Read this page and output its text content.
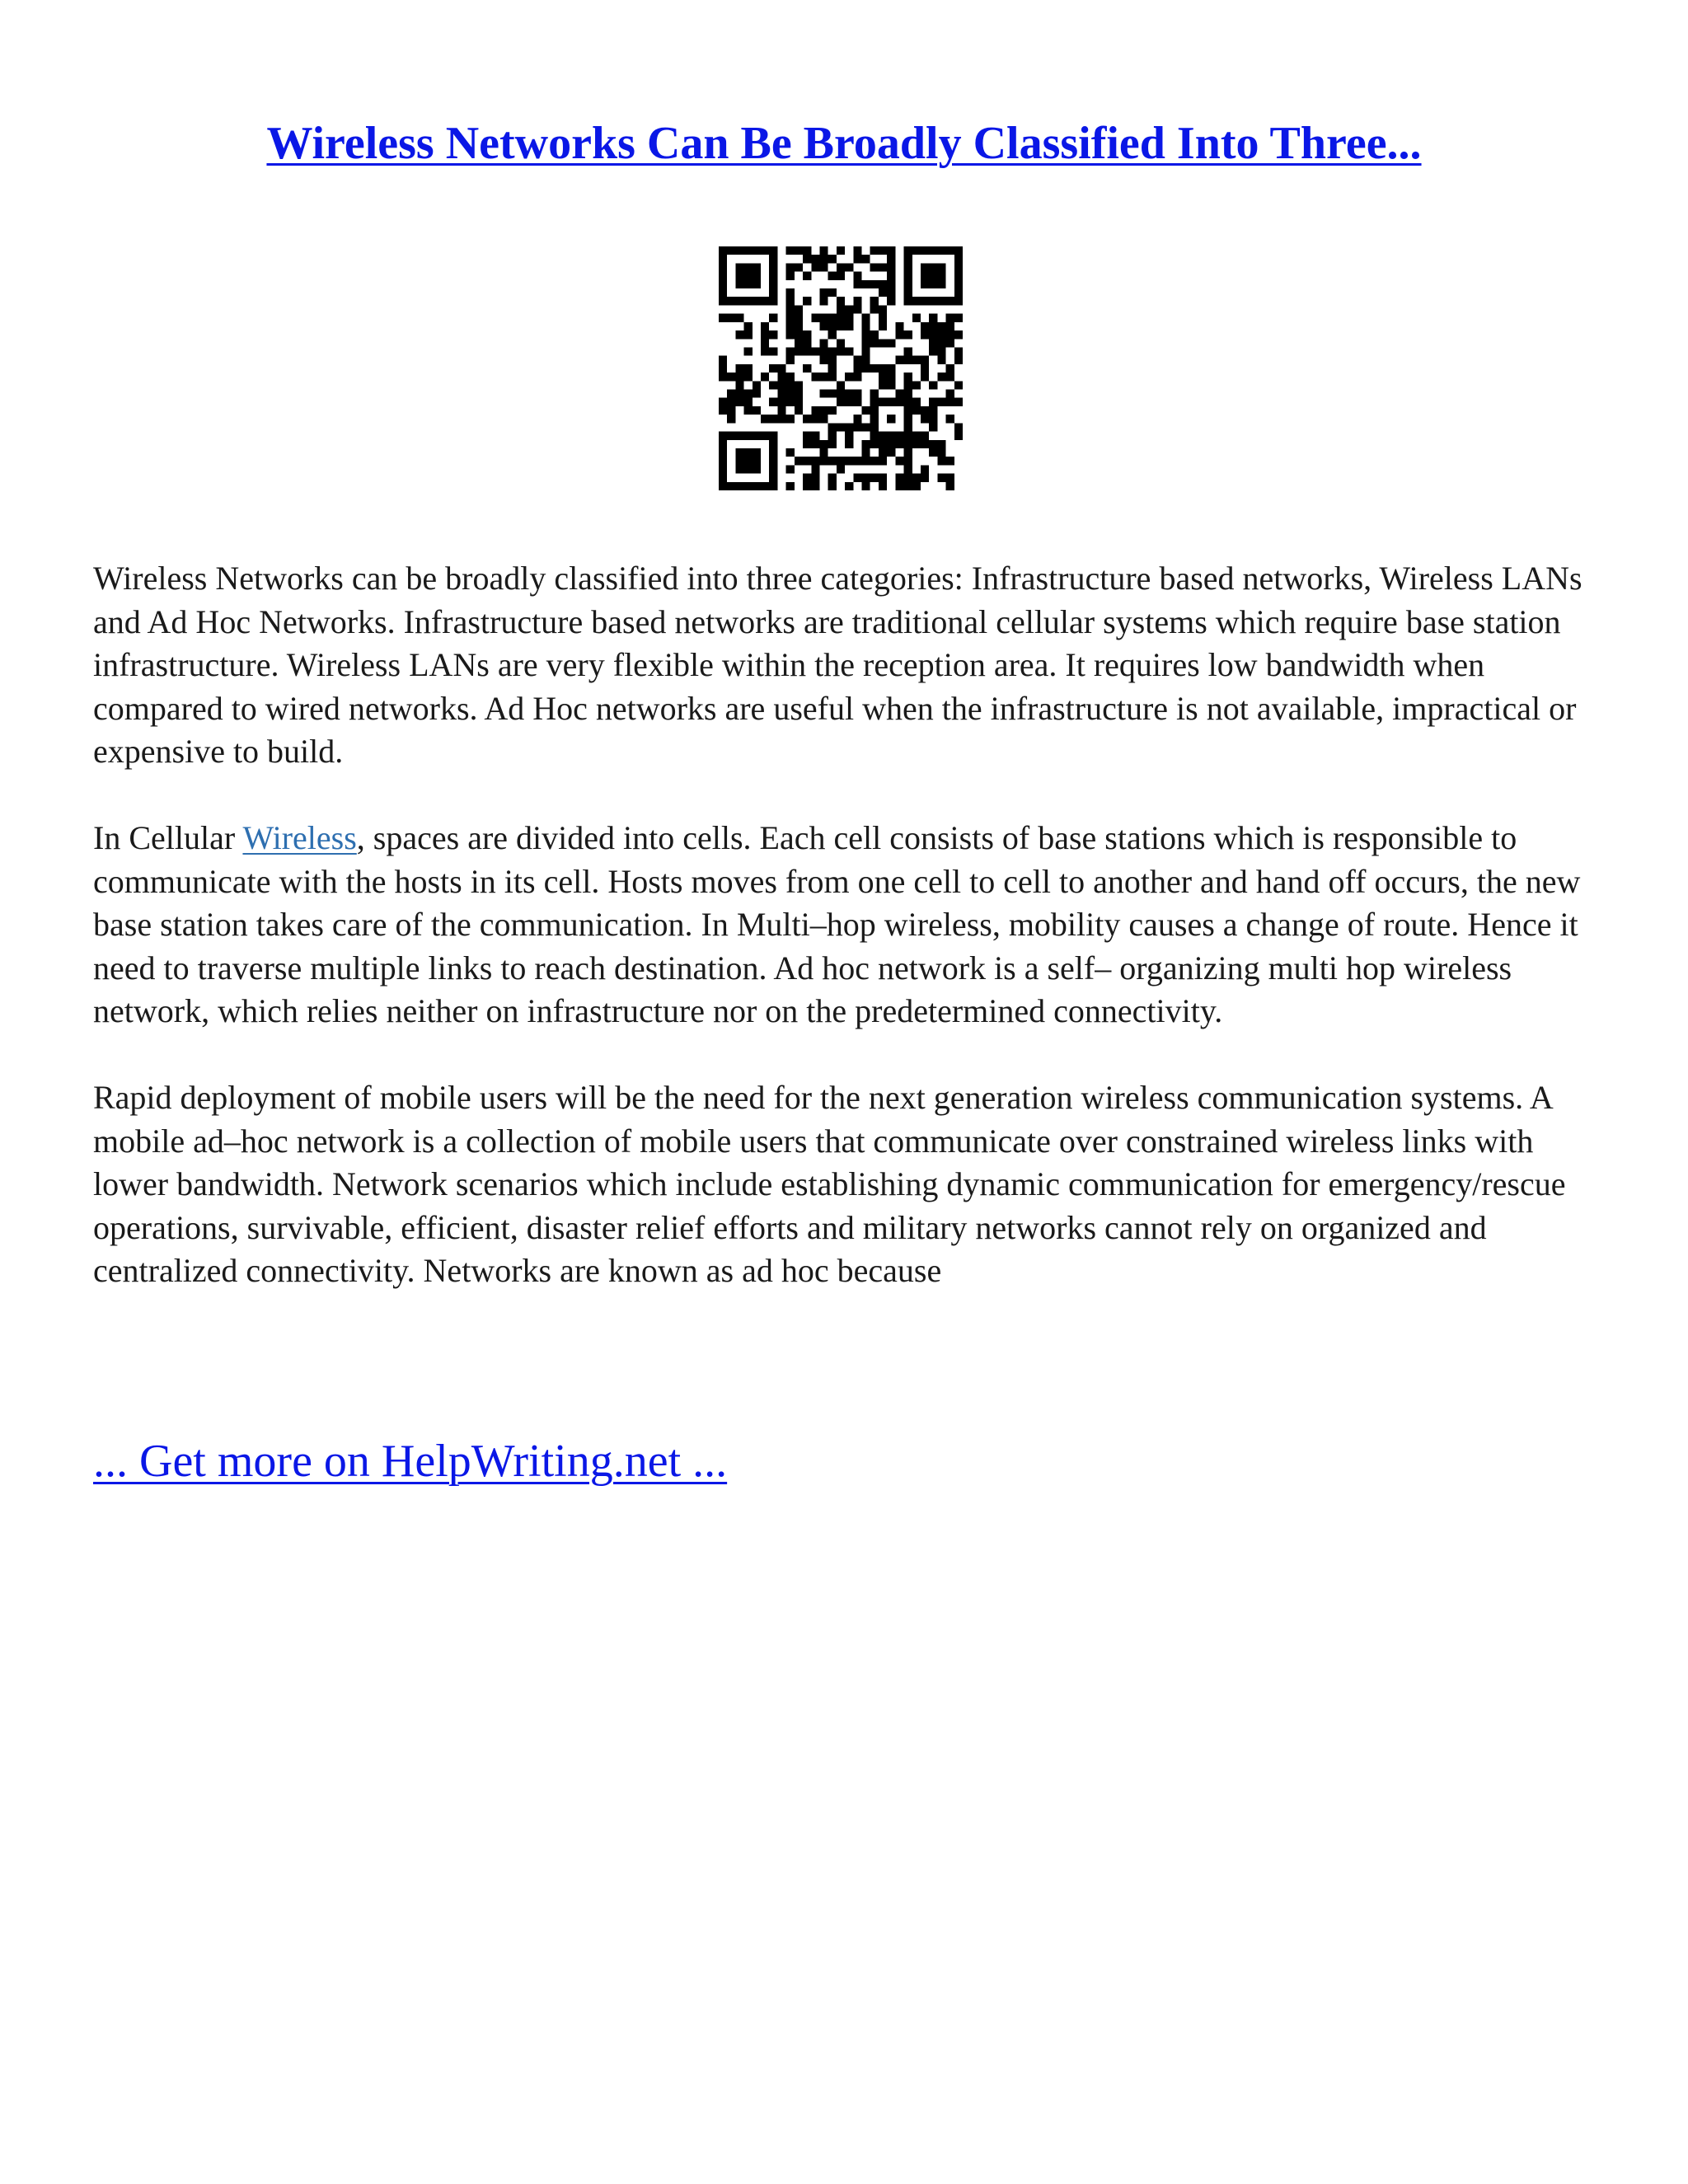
Wireless Networks Can Be Broadly Classified Into Three...

Wireless Networks can be broadly classified into three categories: Infrastructure based networks, Wireless LANs and Ad Hoc Networks. Infrastructure based networks are traditional cellular systems which require base station infrastructure. Wireless LANs are very flexible within the reception area. It requires low bandwidth when compared to wired networks. Ad Hoc networks are useful when the infrastructure is not available, impractical or expensive to build.

In Cellular Wireless, spaces are divided into cells. Each cell consists of base stations which is responsible to communicate with the hosts in its cell. Hosts moves from one cell to cell to another and hand off occurs, the new base station takes care of the communication. In Multi–hop wireless, mobility causes a change of route. Hence it need to traverse multiple links to reach destination. Ad hoc network is a self– organizing multi hop wireless network, which relies neither on infrastructure nor on the predetermined connectivity.

Rapid deployment of mobile users will be the need for the next generation wireless communication systems. A mobile ad–hoc network is a collection of mobile users that communicate over constrained wireless links with lower bandwidth. Network scenarios which include establishing dynamic communication for emergency/rescue operations, survivable, efficient, disaster relief efforts and military networks cannot rely on organized and centralized connectivity. Networks are known as ad hoc because

... Get more on HelpWriting.net ...
